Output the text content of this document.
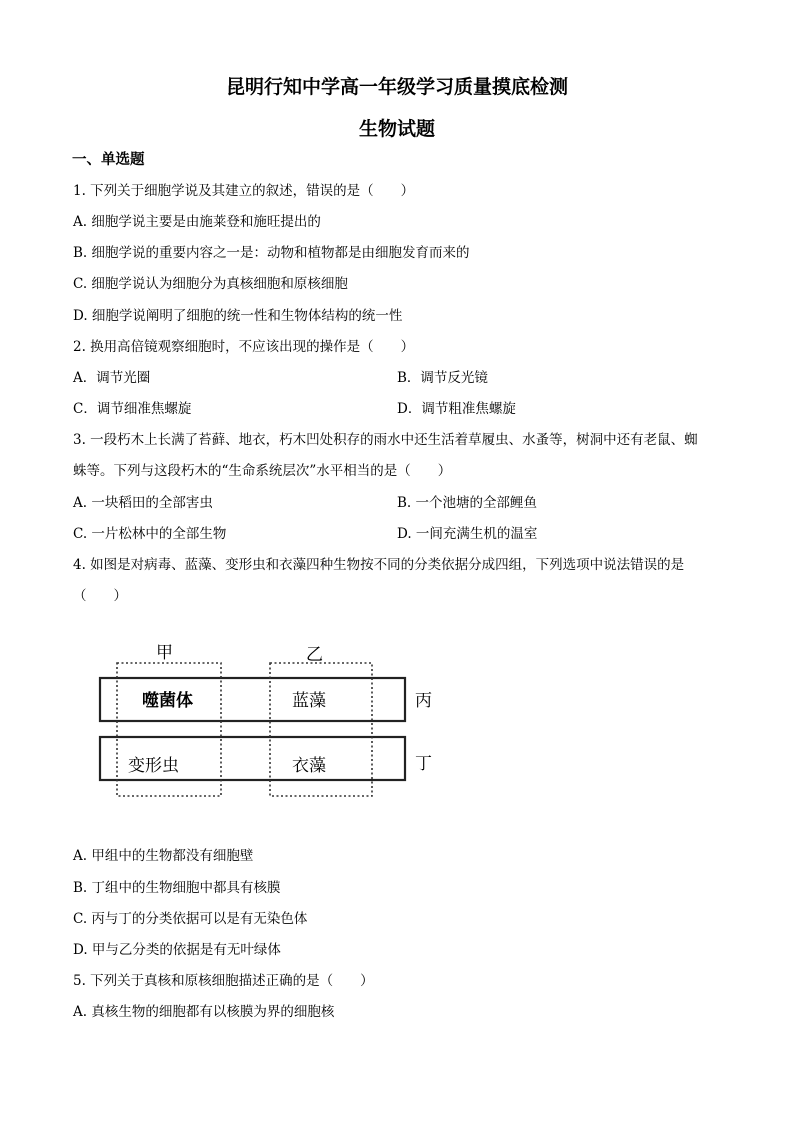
昆明行知中学高一年级学习质量摸底检测
生物试题
一、单选题
1. 下列关于细胞学说及其建立的叙述，错误的是（　　）
A. 细胞学说主要是由施莱登和施旺提出的
B. 细胞学说的重要内容之一是：动物和植物都是由细胞发育而来的
C. 细胞学说认为细胞分为真核细胞和原核细胞
D. 细胞学说阐明了细胞的统一性和生物体结构的统一性
2. 换用高倍镜观察细胞时，不应该出现的操作是（　　）
A．调节光圈	B．调节反光镜
C．调节细准焦螺旋	D．调节粗准焦螺旋
3. 一段朽木上长满了苔藓、地衣，朽木凹处积存的雨水中还生活着草履虫、水蚤等，树洞中还有老鼠、蜘
蛛等。下列与这段朽木的“生命系统层次”水平相当的是（　　）
A. 一块稻田的全部害虫	B. 一个池塘的全部鲤鱼
C. 一片松林中的全部生物	D. 一间充满生机的温室
4. 如图是对病毒、蓝藻、变形虫和衣藻四种生物按不同的分类依据分成四组，下列选项中说法错误的是
（　　）
甲	乙
丙
丁
噬菌体	蓝藻
变形虫	衣藻
A. 甲组中的生物都没有细胞壁
B. 丁组中的生物细胞中都具有核膜
C. 丙与丁的分类依据可以是有无染色体
D. 甲与乙分类的依据是有无叶绿体
5. 下列关于真核和原核细胞描述正确的是（　　）
A. 真核生物的细胞都有以核膜为界的细胞核
